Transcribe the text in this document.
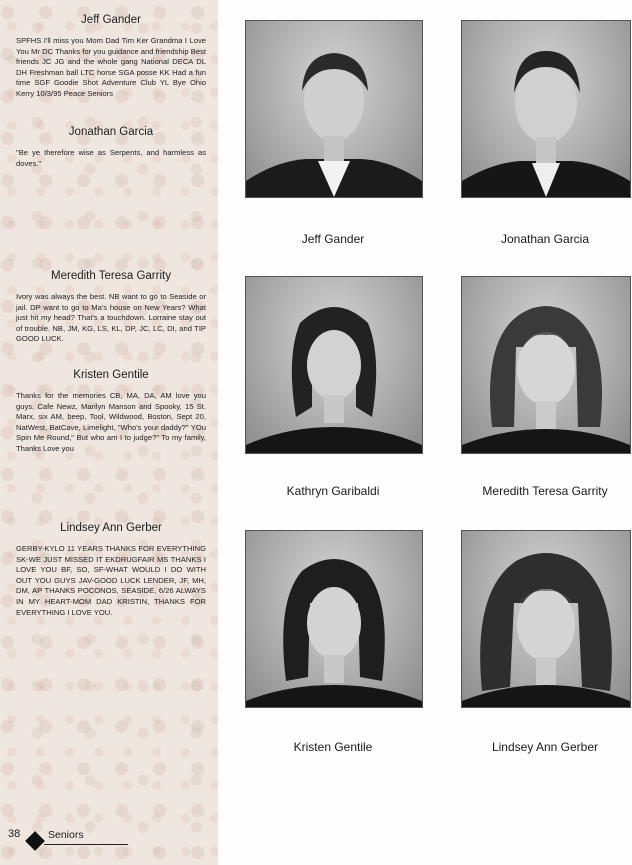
Jeff Gander

SPFHS I'll miss you Mom Dad Tim Ker Grandma I Love You Mr DC Thanks for you guidance and friendship Best friends JC JG and the whole gang National DECA DL DH Freshman ball LTC horse SGA posse KK Had a fun time SGF Goodie Shot Adventure Club YL Bye Ohio Kerry 10/3/95 Peace Seniors

Jonathan Garcia

"Be ye therefore wise as Serpents, and harmless as doves."

Meredith Teresa Garrity

Ivory was always the best. NB want to go to Seaside or jail. DP want to go to Ma's house on New Years? What just hit my head? That's a touchdown. Lorraine stay out of trouble. NB, JM, KG, LS, KL, DP, JC, LC, DI, and TIP GOOD LUCK.

Kristen Gentile

Thanks for the memories CB, MA, DA, AM love you guys, Cafe Newz, Marilyn Manson and Spooky, 15 St. Marx, six AM, beep, Tool, Wildwood, Boston, Sept 20, NatWest, BatCave, Limelight, "Who's your daddy?" YOu Spin Me Round," But who am I to judge?" To my family, Thanks Love you

Lindsey Ann Gerber

GERBY-KYLO 11 YEARS THANKS FOR EVERYTHING SK-WE JUST MISSED IT EKDRUGFAIR MS THANKS I LOVE YOU BF, SO, SF-WHAT WOULD I DO WITH OUT YOU GUYS JAV-GOOD LUCK LENDER, JF, MH, DM, AP THANKS POCONOS, SEASIDE, 6/26 ALWAYS IN MY HEART-MOM DAD KRISTIN, THANKS FOR EVERYTHING I LOVE YOU.

Jeff Gander	Jonathan Garcia
Kathryn Garibaldi	Meredith Teresa Garrity
Kristen Gentile	Lindsey Ann Gerber
38	Seniors
